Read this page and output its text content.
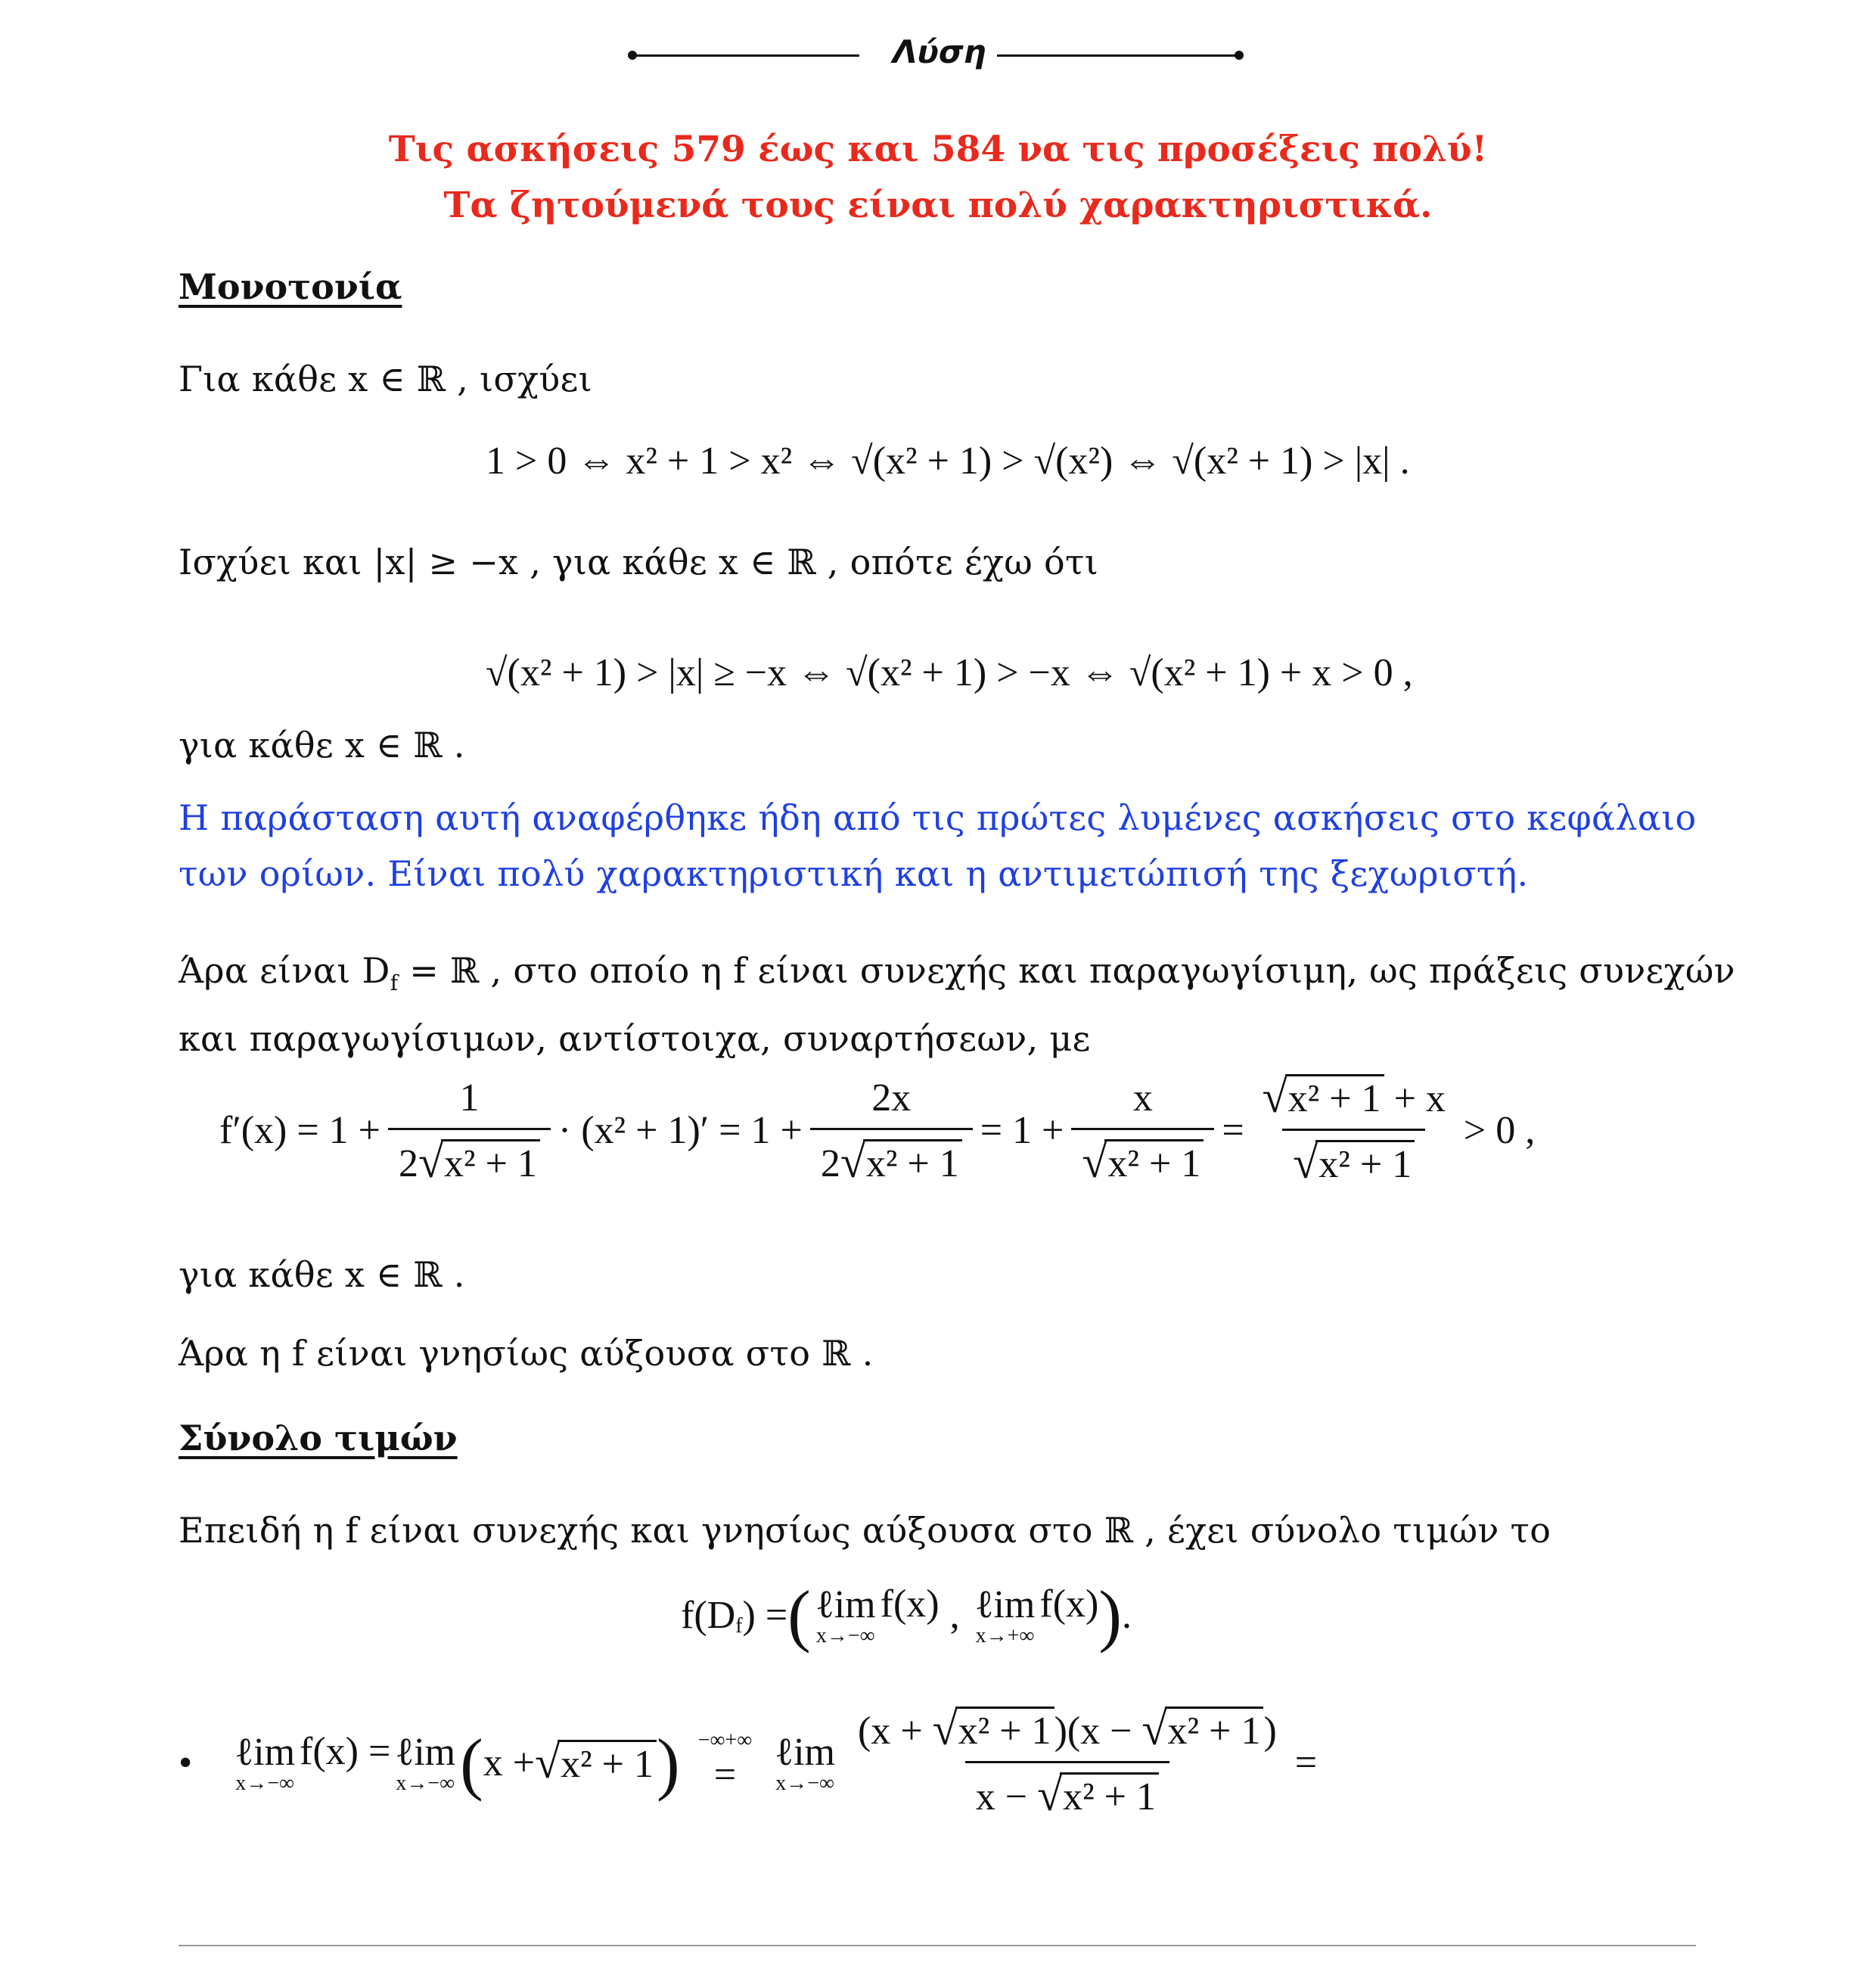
Λύση
Τις ασκήσεις 579 έως και 584 να τις προσέξεις πολύ!
Τα ζητούμενά τους είναι πολύ χαρακτηριστικά.
Μονοτονία
Για κάθε x ∈ ℝ , ισχύει
1 > 0 ⇔ x² + 1 > x² ⇔ √(x² + 1) > √(x²) ⇔ √(x² + 1) > |x| .
Ισχύει και |x| ≥ −x , για κάθε x ∈ ℝ , οπότε έχω ότι
√(x² + 1) > |x| ≥ −x ⇔ √(x² + 1) > −x ⇔ √(x² + 1) + x > 0 ,
για κάθε x ∈ ℝ .
Η παράσταση αυτή αναφέρθηκε ήδη από τις πρώτες λυμένες ασκήσεις στο κεφάλαιο
των ορίων. Είναι πολύ χαρακτηριστική και η αντιμετώπισή της ξεχωριστή.
Άρα είναι $D_f$ = ℝ , στο οποίο η f είναι συνεχής και παραγωγίσιμη, ως πράξεις συνεχών
και παραγωγίσιμων, αντίστοιχα, συναρτήσεων, με
$f'(x) = 1 + \frac{1}{\text{2 √ x² + 1}} \cdot (x^2 + 1)' = 1 + \frac{2x}{\text{2 √ x² + 1}} = 1 + x$
√ x² + 1 = √ x² + 1 + x
√ x² + 1 > 0 ,
για κάθε x ∈ ℝ .
Άρα η f είναι γνησίως αύξουσα στο ℝ .
Σύνολο τιμών
Επειδή η f είναι συνεχής και γνησίως αύξουσα στο ℝ , έχει σύνολο τιμών το
$f(D_f$ ) = ( ℓim
x→−∞
f(x) , ℓim
x→+∞
f(x) ) .
• ℓim
x→−∞
f(x) = ℓim
x→−∞ ( x + √ x² + 1 ) −∞+∞
=
ℓim
$x\to-\infty \frac{\text{(x + √ x² + 1)(x − √ x² + 1)}}{\text{x − √ x² + 1}}$ =
